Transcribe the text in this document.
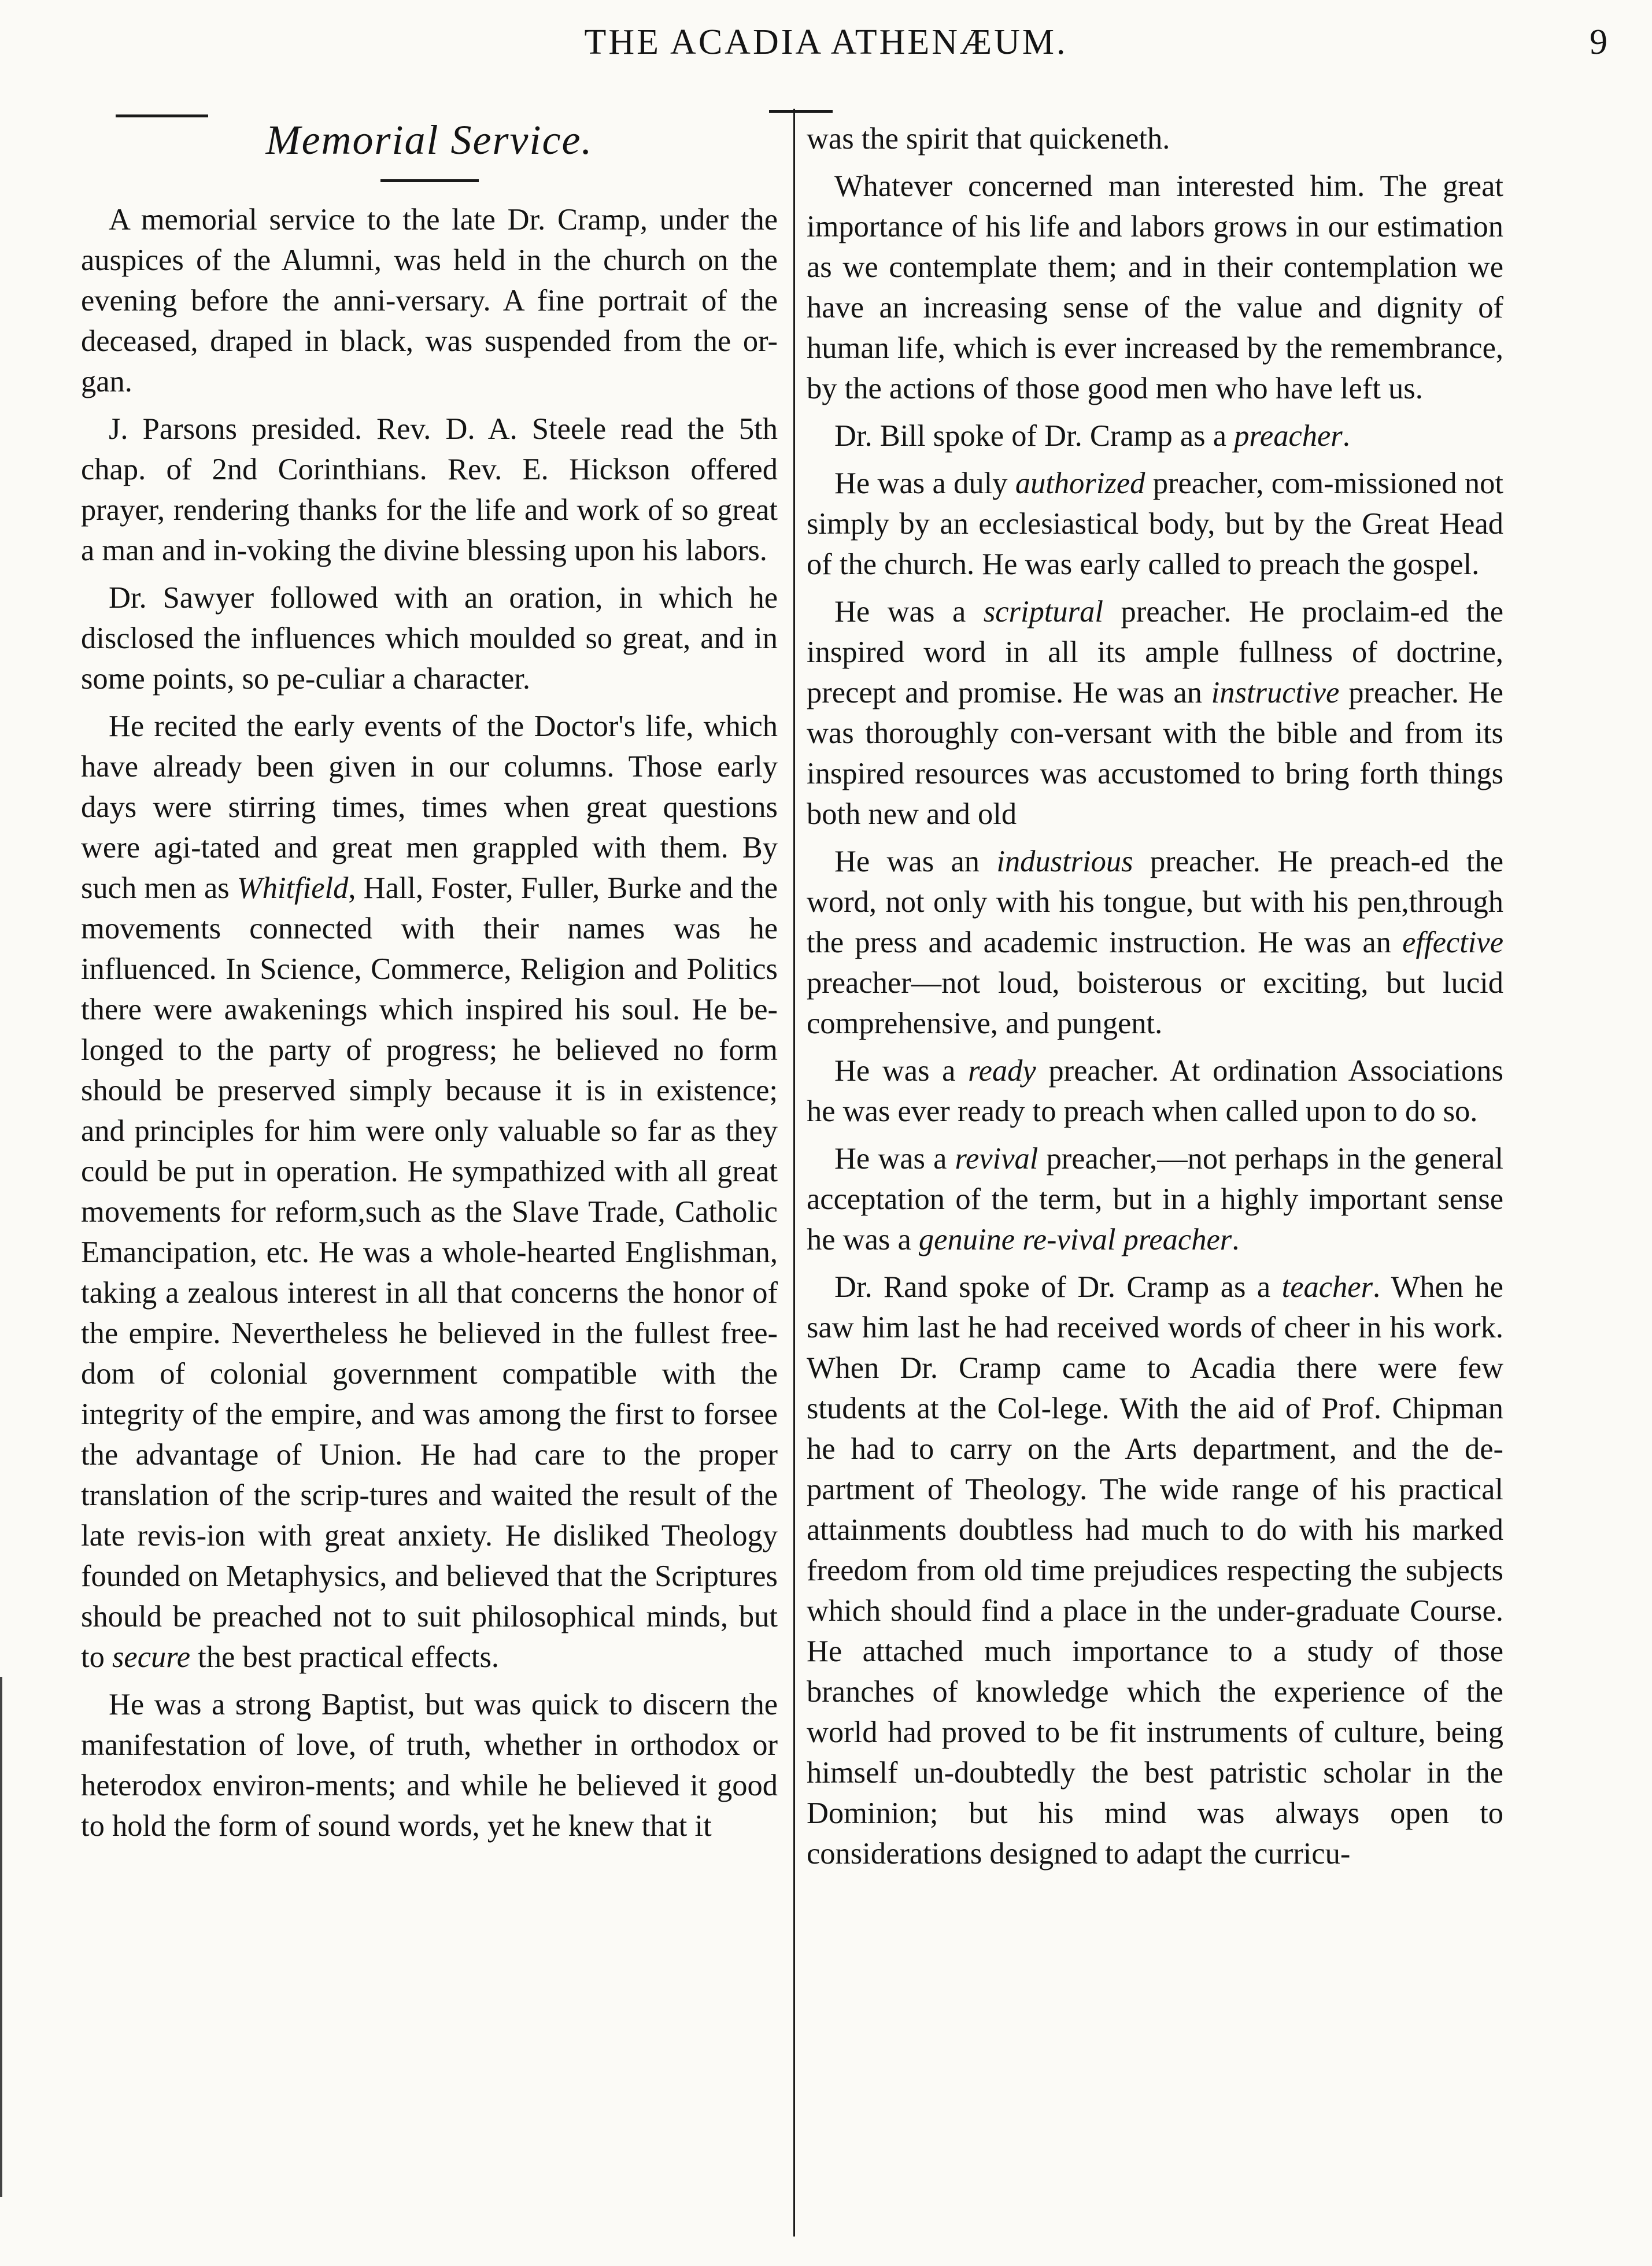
THE ACADIA ATHENÆUM.	9
Memorial Service.

A memorial service to the late Dr. Cramp, under the auspices of the Alumni, was held in the church on the evening before the anni-versary. A fine portrait of the deceased, draped in black, was suspended from the or-gan.

J. Parsons presided. Rev. D. A. Steele read the 5th chap. of 2nd Corinthians. Rev. E. Hickson offered prayer, rendering thanks for the life and work of so great a man and in-voking the divine blessing upon his labors.

Dr. Sawyer followed with an oration, in which he disclosed the influences which moulded so great, and in some points, so pe-culiar a character.

He recited the early events of the Doctor's life, which have already been given in our columns. Those early days were stirring times, times when great questions were agi-tated and great men grappled with them. By such men as Whitfield, Hall, Foster, Fuller, Burke and the movements connected with their names was he influenced. In Science, Commerce, Religion and Politics there were awakenings which inspired his soul. He be-longed to the party of progress; he believed no form should be preserved simply because it is in existence; and principles for him were only valuable so far as they could be put in operation. He sympathized with all great movements for reform,such as the Slave Trade, Catholic Emancipation, etc. He was a whole-hearted Englishman, taking a zealous interest in all that concerns the honor of the empire. Nevertheless he believed in the fullest free-dom of colonial government compatible with the integrity of the empire, and was among the first to forsee the advantage of Union. He had care to the proper translation of the scrip-tures and waited the result of the late revis-ion with great anxiety. He disliked Theology founded on Metaphysics, and believed that the Scriptures should be preached not to suit philosophical minds, but to secure the best practical effects.

He was a strong Baptist, but was quick to discern the manifestation of love, of truth, whether in orthodox or heterodox environ-ments; and while he believed it good to hold the form of sound words, yet he knew that it

was the spirit that quickeneth.

Whatever concerned man interested him. The great importance of his life and labors grows in our estimation as we contemplate them; and in their contemplation we have an increasing sense of the value and dignity of human life, which is ever increased by the remembrance, by the actions of those good men who have left us.

Dr. Bill spoke of Dr. Cramp as a preacher.

He was a duly authorized preacher, com-missioned not simply by an ecclesiastical body, but by the Great Head of the church. He was early called to preach the gospel.

He was a scriptural preacher. He proclaim-ed the inspired word in all its ample fullness of doctrine, precept and promise. He was an instructive preacher. He was thoroughly con-versant with the bible and from its inspired resources was accustomed to bring forth things both new and old

He was an industrious preacher. He preach-ed the word, not only with his tongue, but with his pen,through the press and academic instruction. He was an effective preacher—not loud, boisterous or exciting, but lucid comprehensive, and pungent.

He was a ready preacher. At ordination Associations he was ever ready to preach when called upon to do so.

He was a revival preacher,—not perhaps in the general acceptation of the term, but in a highly important sense he was a genuine re-vival preacher.

Dr. Rand spoke of Dr. Cramp as a teacher. When he saw him last he had received words of cheer in his work. When Dr. Cramp came to Acadia there were few students at the Col-lege. With the aid of Prof. Chipman he had to carry on the Arts department, and the de-partment of Theology. The wide range of his practical attainments doubtless had much to do with his marked freedom from old time prejudices respecting the subjects which should find a place in the under-graduate Course. He attached much importance to a study of those branches of knowledge which the experience of the world had proved to be fit instruments of culture, being himself un-doubtedly the best patristic scholar in the Dominion; but his mind was always open to considerations designed to adapt the curricu-
